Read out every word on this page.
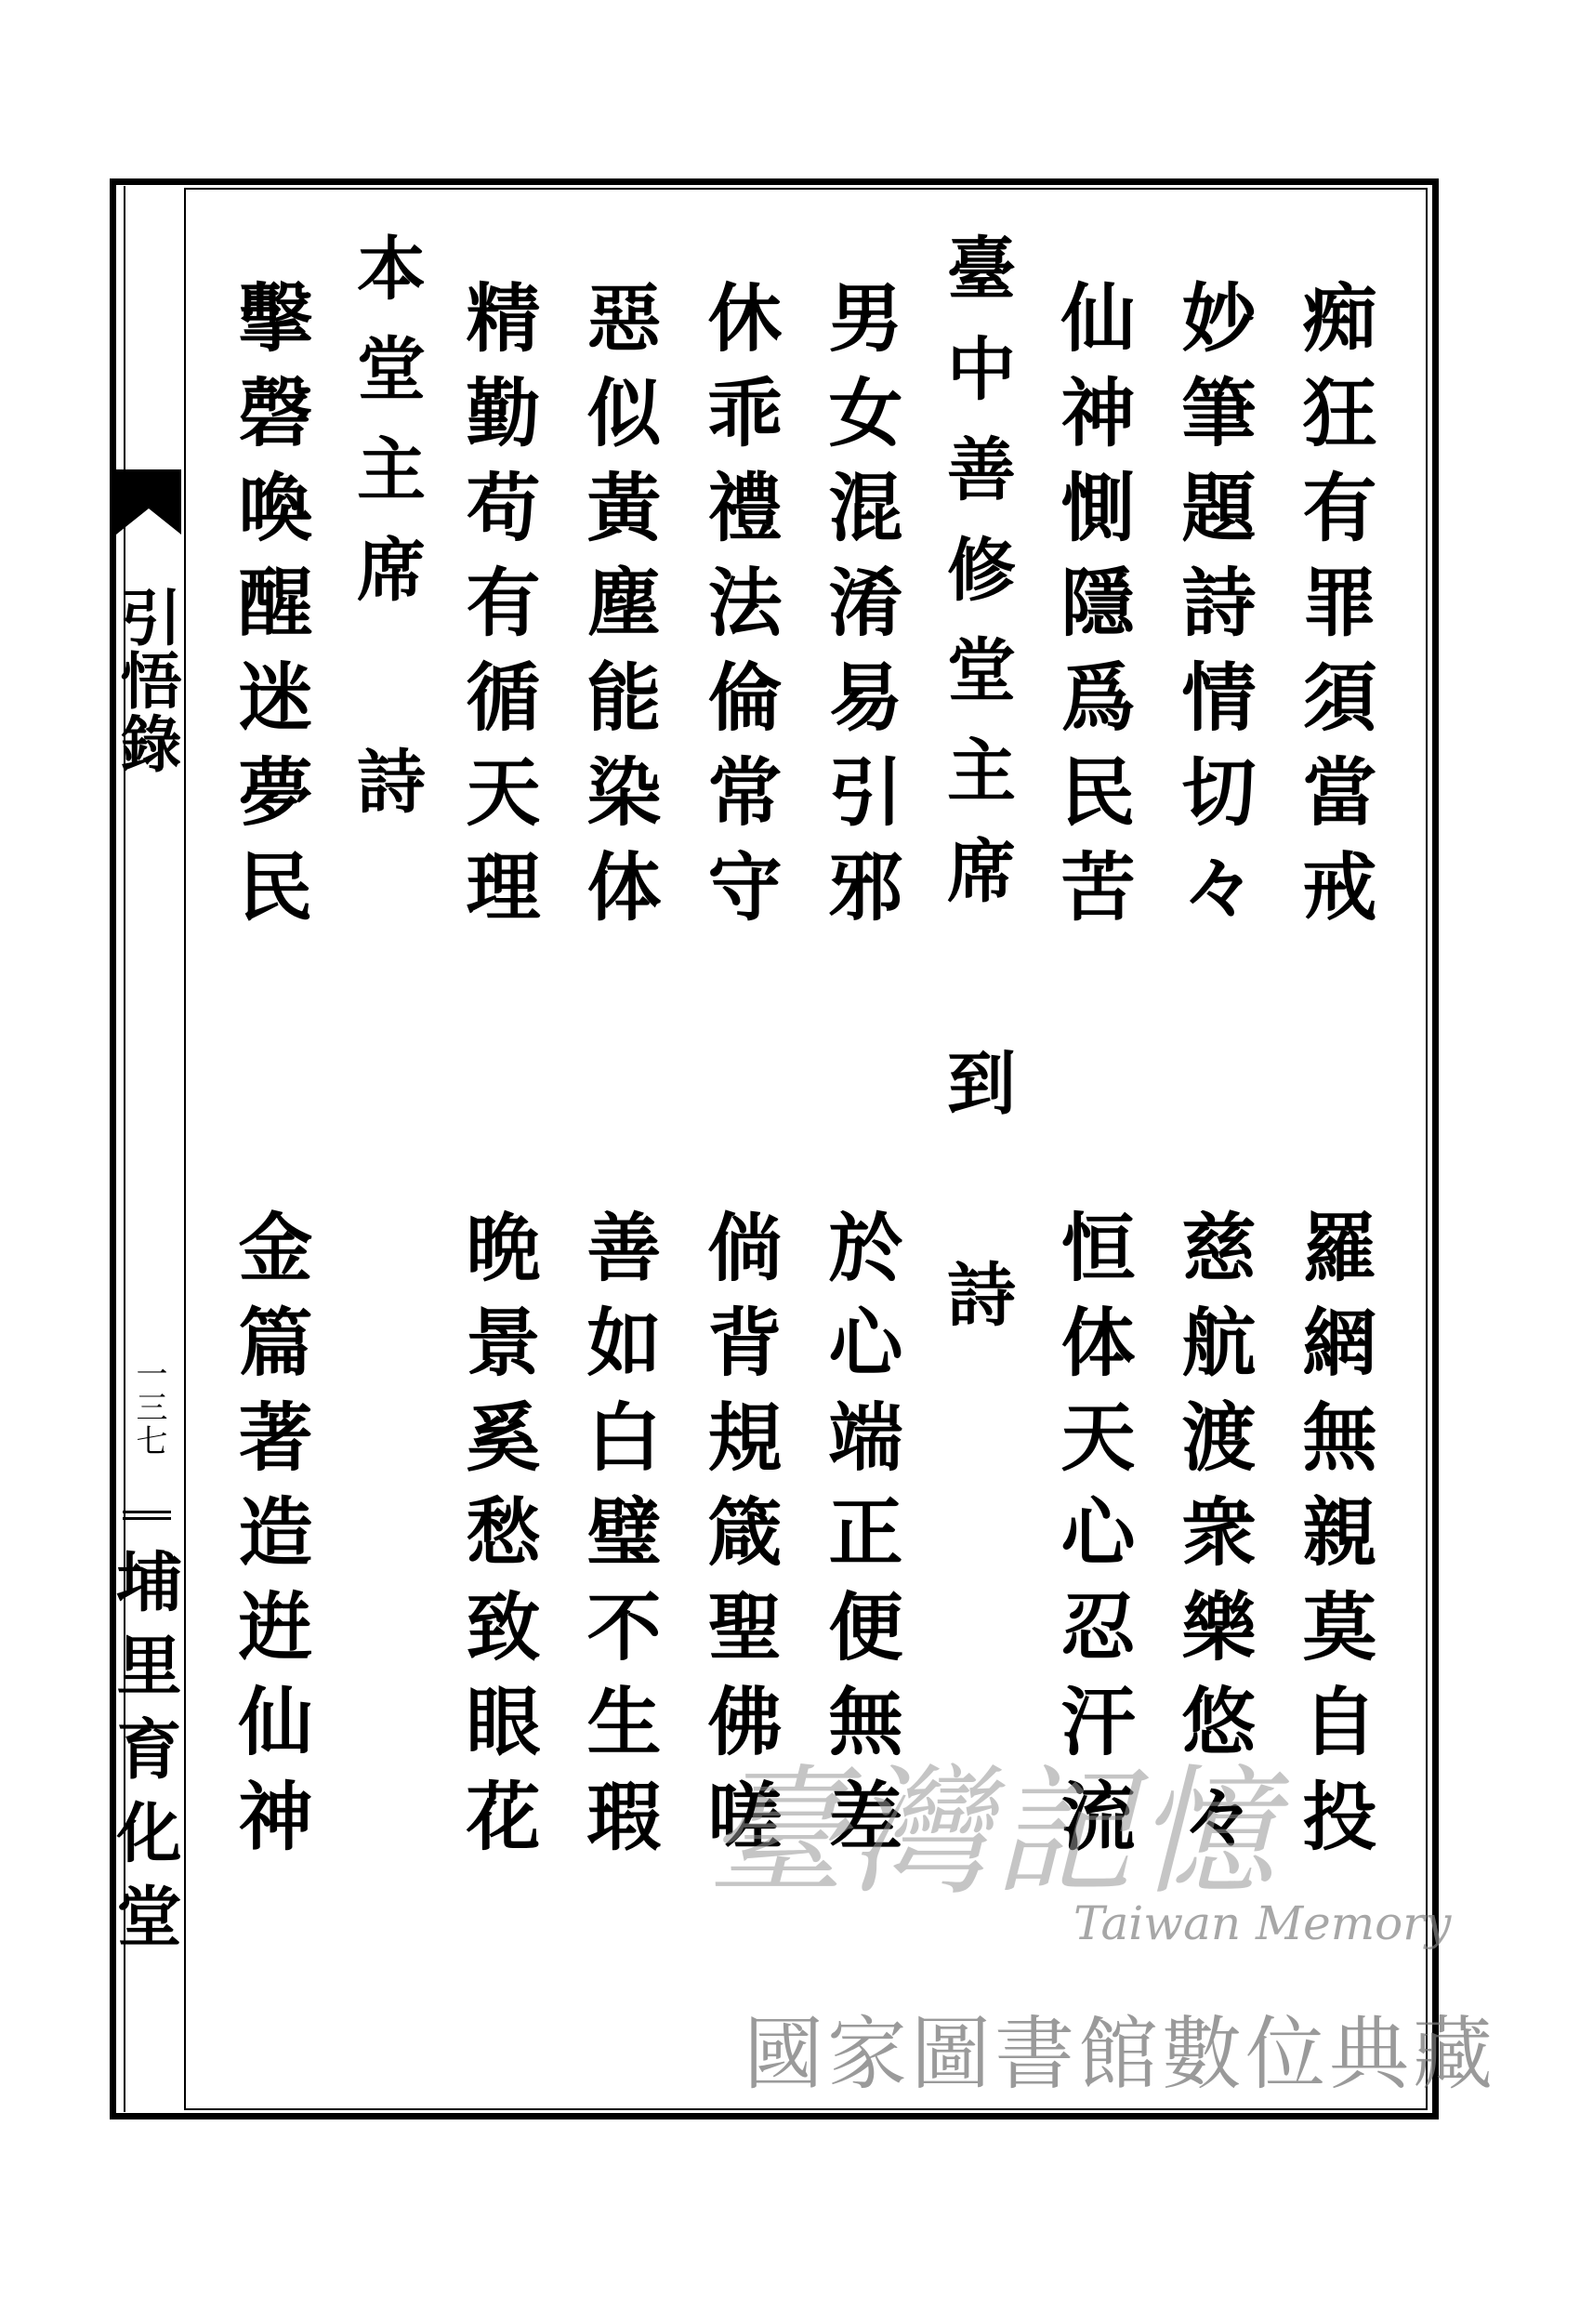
引悟錄
一三七
埔里育化堂
痴狂有罪須當戒
羅網無親莫自投
妙筆題詩情切々
慈航渡衆樂悠々
仙神惻隱爲民苦
恒体天心忍汗流
臺中善修堂主席 到 詩
男女混淆易引邪
於心端正便無差
休乖禮法倫常守
倘背規箴聖佛嗟
惡似黃塵能染体
善如白璧不生瑕
精勤苟有循天理
晩景奚愁致眼花
本堂主席 詩
擊磬喚醒迷夢民
金篇著造逬仙神	臺灣記憶
Taiwan Memory
國家圖書館數位典藏
